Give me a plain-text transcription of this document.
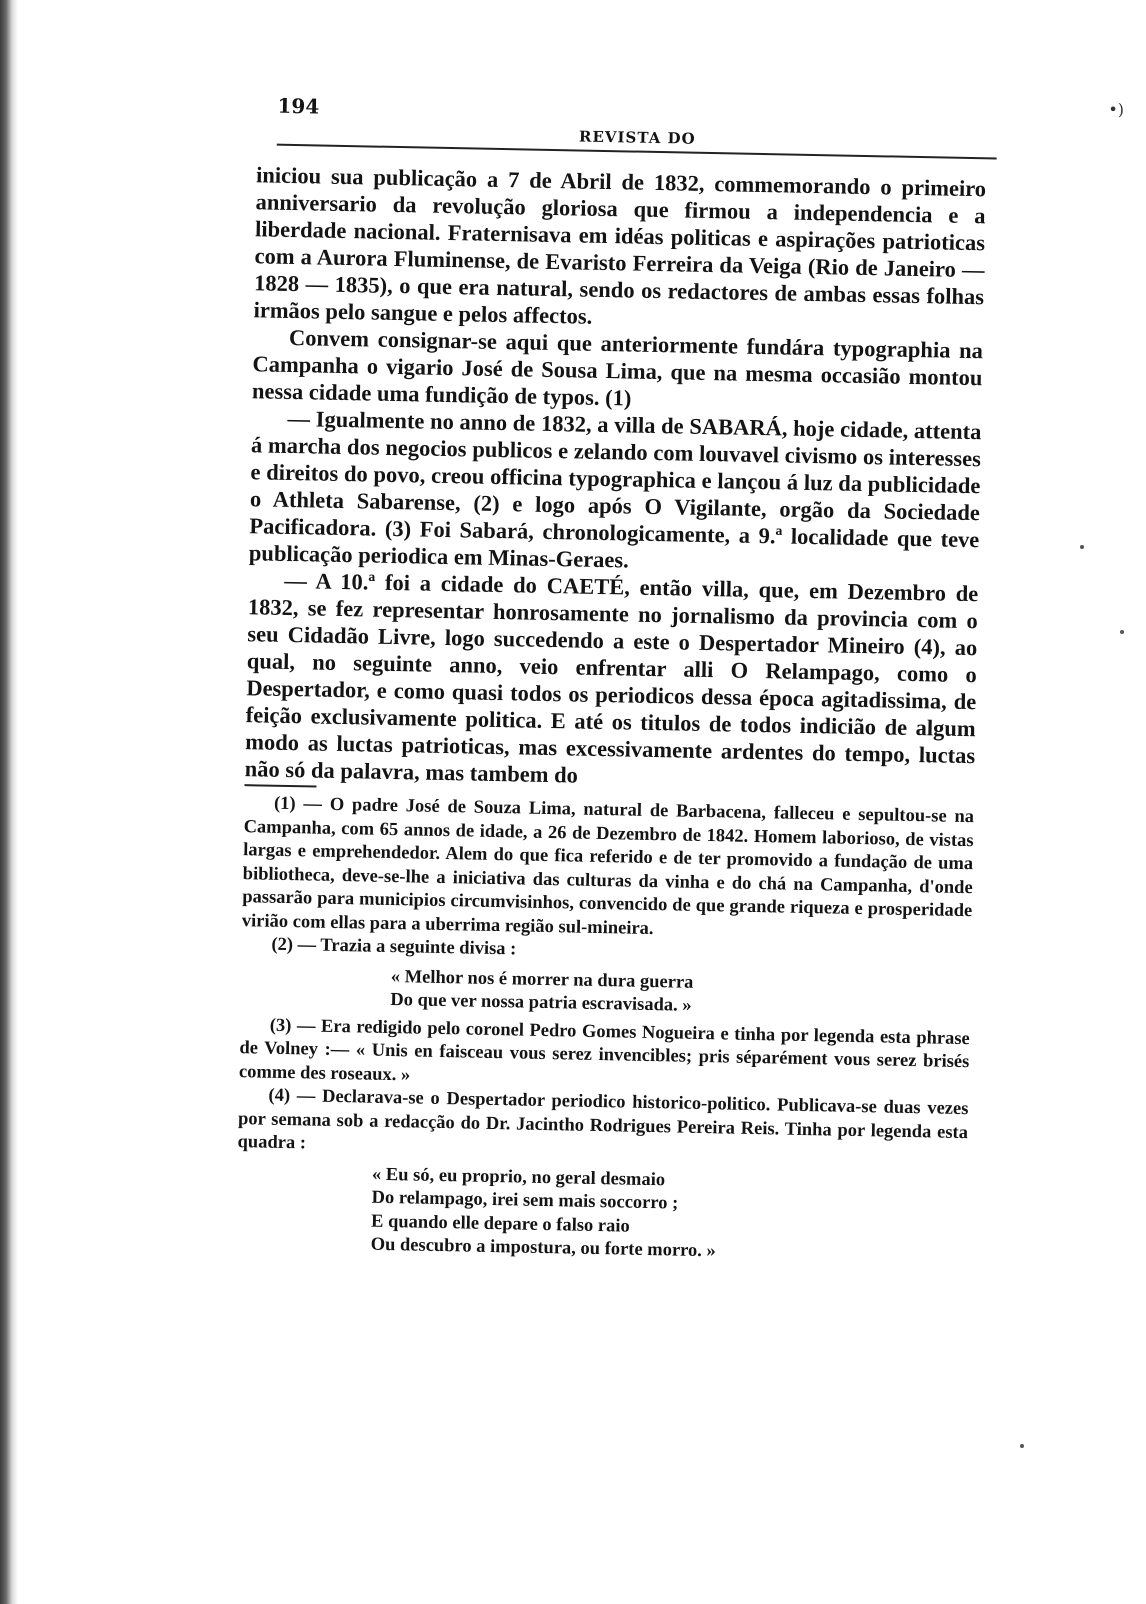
•)
194
REVISTA DO

iniciou sua publicação a 7 de Abril de 1832, commemorando o primeiro anniversario da revolução gloriosa que firmou a independencia e a liberdade nacional. Fraternisava em idéas politicas e aspirações patrioticas com a Aurora Fluminense, de Evaristo Ferreira da Veiga (Rio de Janeiro —1828 — 1835), o que era natural, sendo os redactores de ambas essas folhas irmãos pelo sangue e pelos affectos.

Convem consignar-se aqui que anteriormente fundára typographia na Campanha o vigario José de Sousa Lima, que na mesma occasião montou nessa cidade uma fundição de typos. (1)

— Igualmente no anno de 1832, a villa de SABARÁ, hoje cidade, attenta á marcha dos negocios publicos e zelando com louvavel civismo os interesses e direitos do povo, creou officina typographica e lançou á luz da publicidade o Athleta Sabarense, (2) e logo após O Vigilante, orgão da Sociedade Pacificadora. (3) Foi Sabará, chronologicamente, a 9.ª localidade que teve publicação periodica em Minas-Geraes.

— A 10.ª foi a cidade do CAETÉ, então villa, que, em Dezembro de 1832, se fez representar honrosamente no jornalismo da provincia com o seu Cidadão Livre, logo succedendo a este o Despertador Mineiro (4), ao qual, no seguinte anno, veio enfrentar alli O Relampago, como o Despertador, e como quasi todos os periodicos dessa época agitadissima, de feição exclusivamente politica. E até os titulos de todos indicião de algum modo as luctas patrioticas, mas excessivamente ardentes do tempo, luctas não só da palavra, mas tambem do

(1) — O padre José de Souza Lima, natural de Barbacena, falleceu e sepultou-se na Campanha, com 65 annos de idade, a 26 de Dezembro de 1842. Homem laborioso, de vistas largas e emprehendedor. Alem do que fica referido e de ter promovido a fundação de uma bibliotheca, deve-se-lhe a iniciativa das culturas da vinha e do chá na Campanha, d'onde passarão para municipios circumvisinhos, convencido de que grande riqueza e prosperidade virião com ellas para a uberrima região sul-mineira.

(2) — Trazia a seguinte divisa :

« Melhor nos é morrer na dura guerra
Do que ver nossa patria escravisada. »

(3) — Era redigido pelo coronel Pedro Gomes Nogueira e tinha por legenda esta phrase de Volney :— « Unis en faisceau vous serez invencibles; pris séparément vous serez brisés comme des roseaux. »

(4) — Declarava-se o Despertador periodico historico-politico. Publicava-se duas vezes por semana sob a redacção do Dr. Jacintho Rodrigues Pereira Reis. Tinha por legenda esta quadra :

« Eu só, eu proprio, no geral desmaio
Do relampago, irei sem mais soccorro ;
E quando elle depare o falso raio
Ou descubro a impostura, ou forte morro. »
